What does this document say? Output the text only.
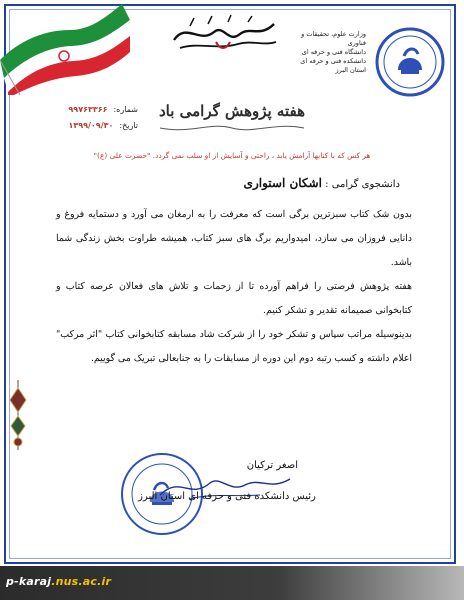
وزارت علوم، تحقیقات و فناوری
دانشگاه فنی و حرفه ای
دانشکده فنی و حرفه ای استان البرز
شماره:
۹۹۷۶۳۳۶۶
تاریخ:
۱۳۹۹/۰۹/۳۰
هفته پژوهش گرامی باد
هر کس که با کتابها آرامش یابد ، راحتی و آسایش از او سلب نمی گردد. "حضرت علی (ع)"
دانشجوی گرامی : اشکان استواری

بدون شک کتاب سبزترین برگی است که معرفت را به ارمغان می آورد و دستمایه فروغ و دانایی فروزان می سازد، امیدواریم برگ های سبز کتاب، همیشه طراوت بخش زندگی شما باشد.

هفته پژوهش فرصتی را فراهم آورده تا از زحمات و تلاش های فعالان عرصه کتاب و کتابخوانی صمیمانه تقدیر و تشکر کنیم.

بدینوسیله مراتب سپاس و تشکر خود را از شرکت شاد مسابقه کتابخوانی کتاب "اثر مرکب" اعلام داشته و کسب رتبه دوم این دوره از مسابقات را به جنابعالی تبریک می گوییم.

اصغر ترکیان
رئیس دانشکده فنی و حرفه ای استان البرز
p-karaj.nus.ac.ir
